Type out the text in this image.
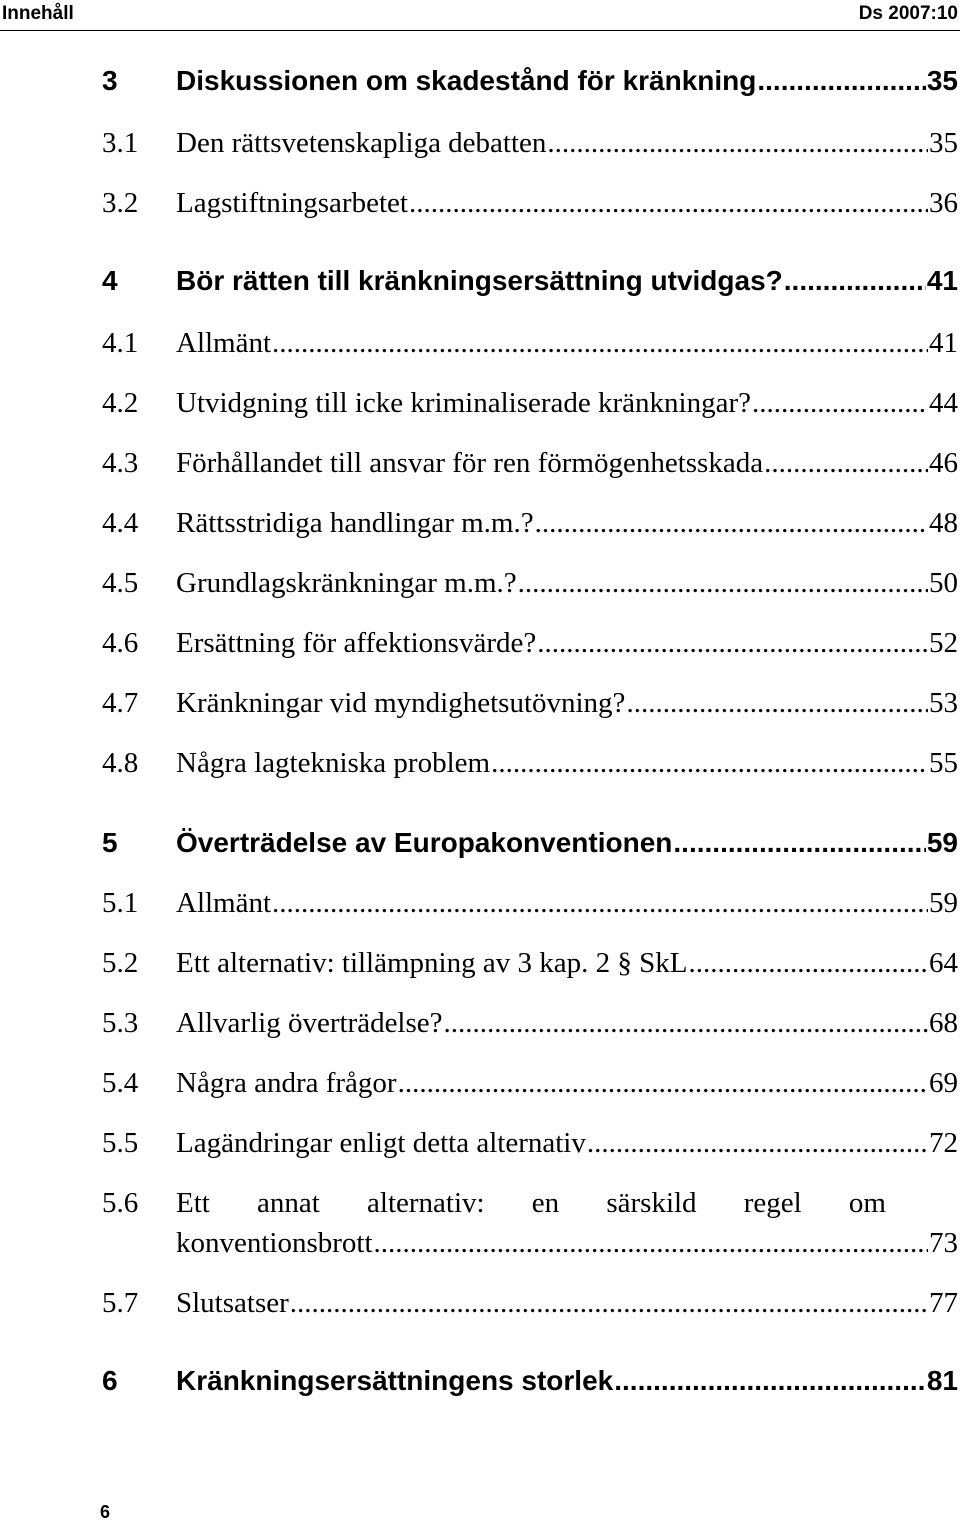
Innehåll	Ds 2007:10
3 Diskussionen om skadestånd för kränkning .....	35
3.1 Den rättsvetenskapliga debatten .....	35
3.2 Lagstiftningsarbetet .....	36
4 Bör rätten till kränkningsersättning utvidgas? .....	41
4.1 Allmänt .....	41
4.2 Utvidgning till icke kriminaliserade kränkningar? .....	44
4.3 Förhållandet till ansvar för ren förmögenhetsskada .....	46
4.4 Rättsstridiga handlingar m.m.? .....	48
4.5 Grundlagskränkningar m.m.? .....	50
4.6 Ersättning för affektionsvärde? .....	52
4.7 Kränkningar vid myndighetsutövning? .....	53
4.8 Några lagtekniska problem .....	55
5 Överträdelse av Europakonventionen .....	59
5.1 Allmänt .....	59
5.2 Ett alternativ: tillämpning av 3 kap. 2 § SkL .....	64
5.3 Allvarlig överträdelse? .....	68
5.4 Några andra frågor .....	69
5.5 Lagändringar enligt detta alternativ .....	72
5.6 Ett annat alternativ: en särskild regel om
konventionsbrott .....	73
5.7 Slutsatser .....	77
6 Kränkningsersättningens storlek .....	81
6
